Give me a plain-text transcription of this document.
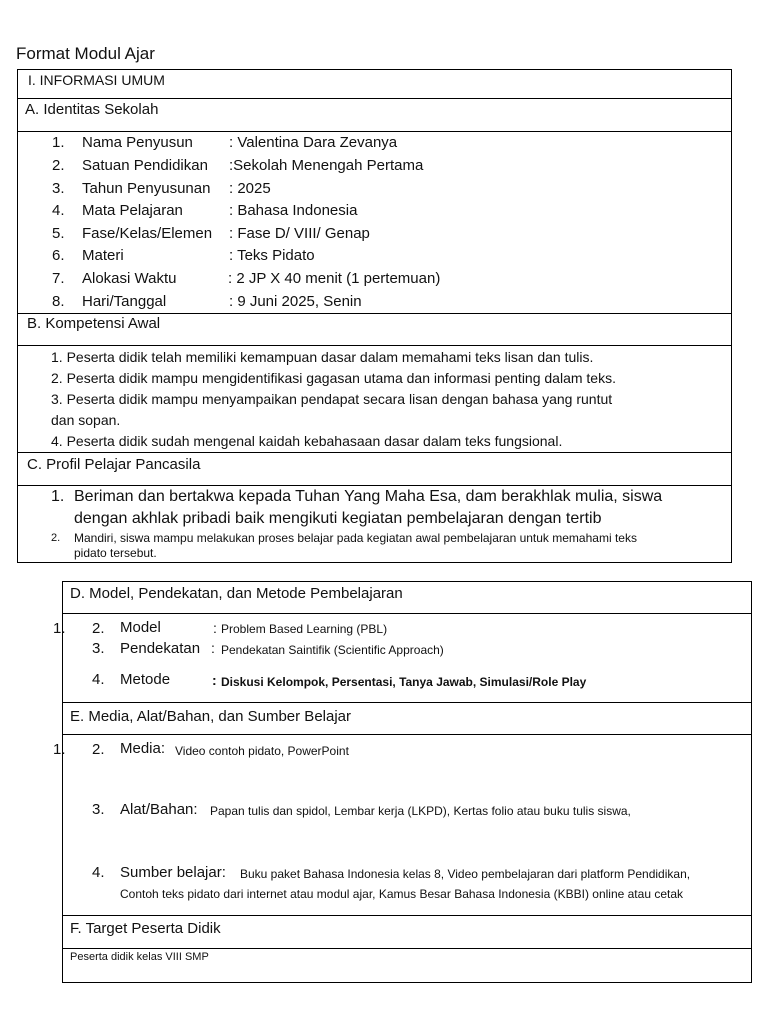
Format Modul Ajar
I. INFORMASI UMUM
A. Identitas Sekolah
1. Nama Penyusun : Valentina Dara Zevanya
2. Satuan Pendidikan :Sekolah Menengah Pertama
3. Tahun Penyusunan : 2025
4. Mata Pelajaran	: Bahasa Indonesia
5. Fase/Kelas/Elemen : Fase D/ VIII/ Genap
6. Materi	: Teks Pidato
7. Alokasi Waktu	: 2 JP X 40 menit (1 pertemuan)
8. Hari/Tanggal	: 9 Juni 2025, Senin
B. Kompetensi Awal
1. Peserta didik telah memiliki kemampuan dasar dalam memahami teks lisan dan tulis.
2. Peserta didik mampu mengidentifikasi gagasan utama dan informasi penting dalam teks.
3. Peserta didik mampu menyampaikan pendapat secara lisan dengan bahasa yang runtut
dan sopan.
4. Peserta didik sudah mengenal kaidah kebahasaan dasar dalam teks fungsional.
C. Profil Pelajar Pancasila
1. Beriman dan bertakwa kepada Tuhan Yang Maha Esa, dam berakhlak mulia, siswa
dengan akhlak pribadi baik mengikuti kegiatan pembelajaran dengan tertib
2. Mandiri, siswa mampu melakukan proses belajar pada kegiatan awal pembelajaran untuk memahami teks
pidato tersebut.
D. Model, Pendekatan, dan Metode Pembelajaran
1. 2. Model	: Problem Based Learning (PBL)
3. Pendekatan : Pendekatan Saintifik (Scientific Approach)
4. Metode	: Diskusi Kelompok, Persentasi, Tanya Jawab, Simulasi/Role Play
E. Media, Alat/Bahan, dan Sumber Belajar
1. 2. Media: Video contoh pidato, PowerPoint
3. Alat/Bahan: Papan tulis dan spidol, Lembar kerja (LKPD), Kertas folio atau buku tulis siswa,
4. Sumber belajar: Buku paket Bahasa Indonesia kelas 8, Video pembelajaran dari platform Pendidikan,
Contoh teks pidato dari internet atau modul ajar, Kamus Besar Bahasa Indonesia (KBBI) online atau cetak
F. Target Peserta Didik
Peserta didik kelas VIII SMP
